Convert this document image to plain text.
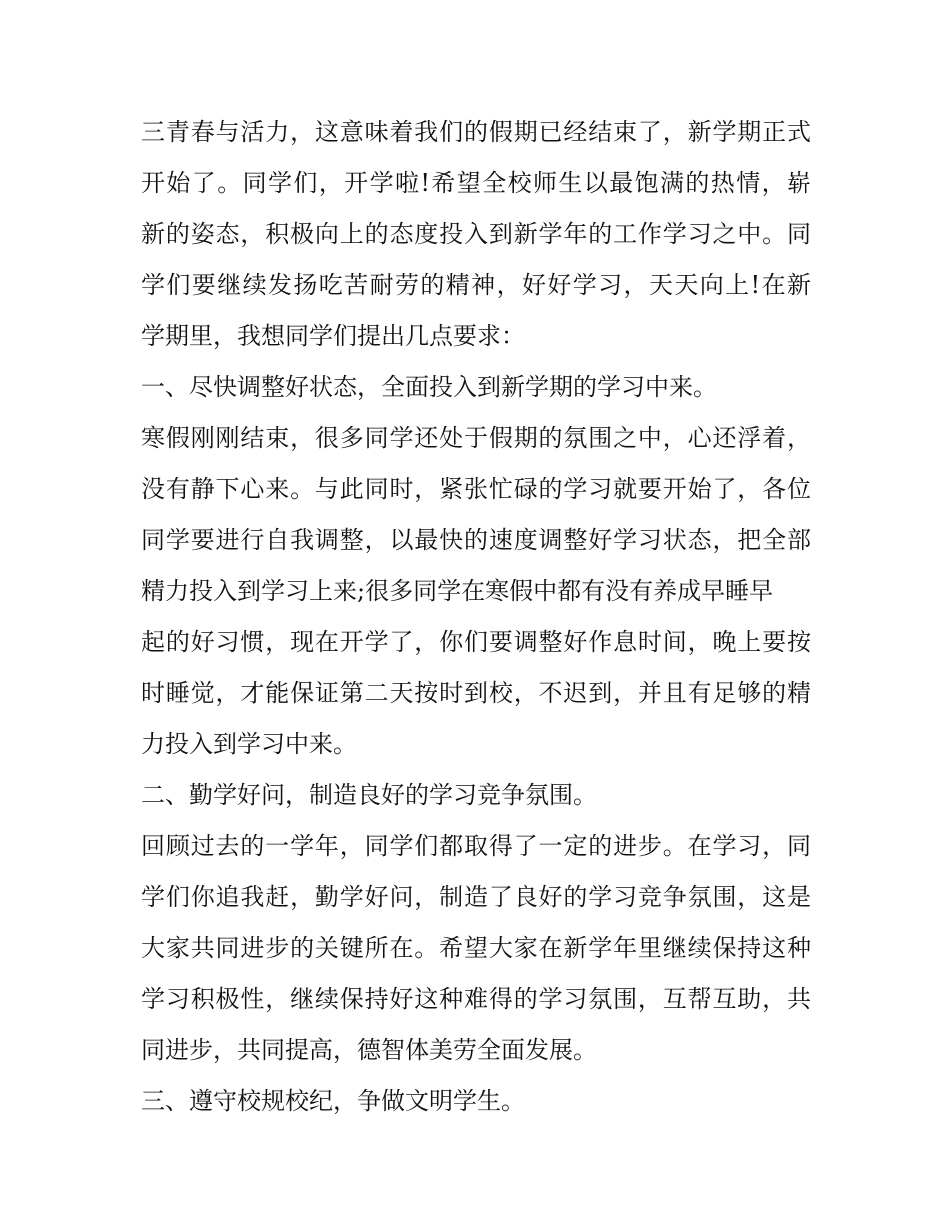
三青春与活力，这意味着我们的假期已经结束了，新学期正式
开始了。同学们，开学啦!希望全校师生以最饱满的热情，崭
新的姿态，积极向上的态度投入到新学年的工作学习之中。同
学们要继续发扬吃苦耐劳的精神，好好学习，天天向上!在新
学期里，我想同学们提出几点要求：
一、尽快调整好状态，全面投入到新学期的学习中来。
寒假刚刚结束，很多同学还处于假期的氛围之中，心还浮着，
没有静下心来。与此同时，紧张忙碌的学习就要开始了，各位
同学要进行自我调整，以最快的速度调整好学习状态，把全部
精力投入到学习上来;很多同学在寒假中都有没有养成早睡早
起的好习惯，现在开学了，你们要调整好作息时间，晚上要按
时睡觉，才能保证第二天按时到校，不迟到，并且有足够的精
力投入到学习中来。
二、勤学好问，制造良好的学习竞争氛围。
回顾过去的一学年，同学们都取得了一定的进步。在学习，同
学们你追我赶，勤学好问，制造了良好的学习竞争氛围，这是
大家共同进步的关键所在。希望大家在新学年里继续保持这种
学习积极性，继续保持好这种难得的学习氛围，互帮互助，共
同进步，共同提高，德智体美劳全面发展。
三、遵守校规校纪，争做文明学生。
